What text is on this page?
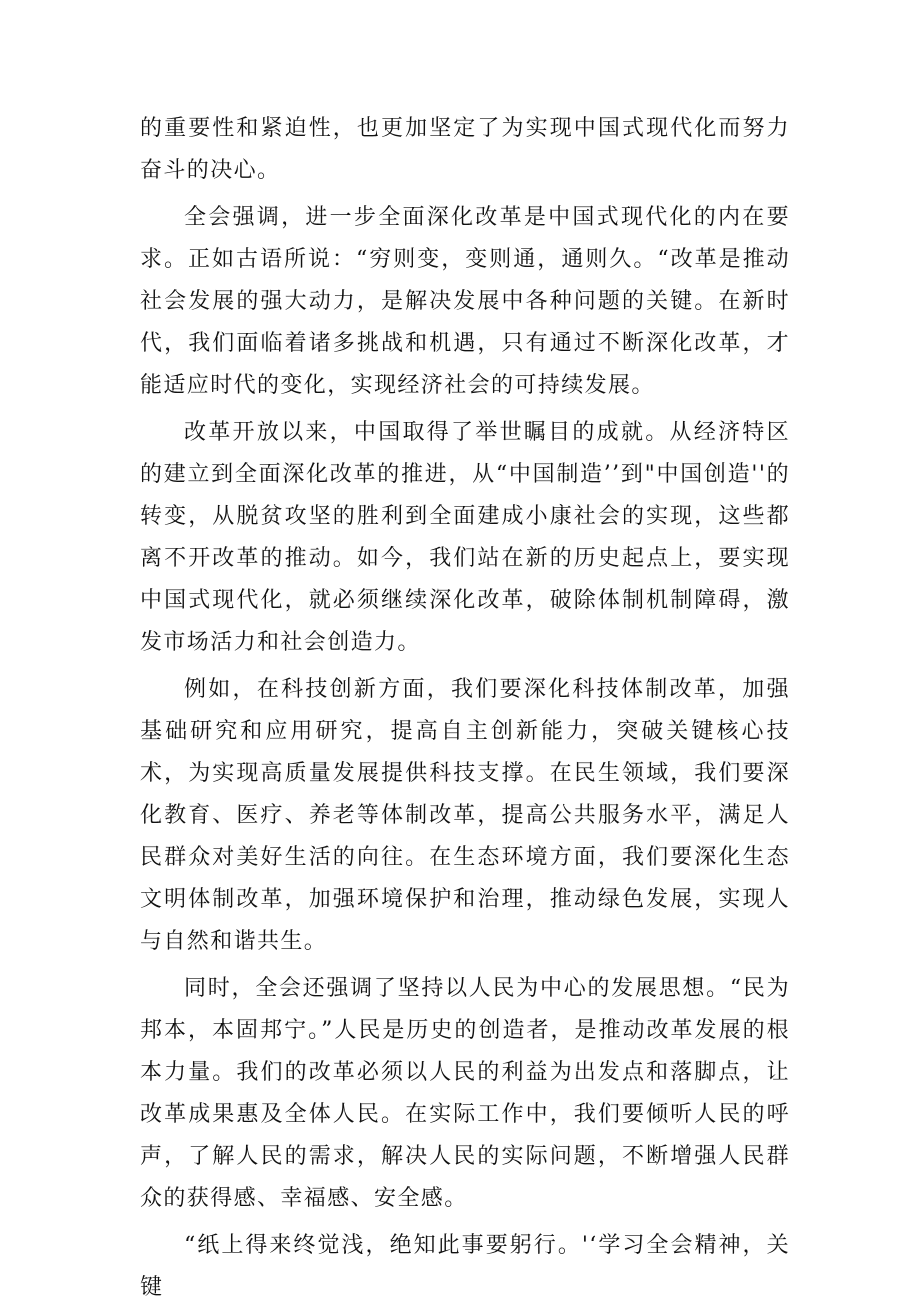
的重要性和紧迫性，也更加坚定了为实现中国式现代化而努力奋斗的决心。

全会强调，进一步全面深化改革是中国式现代化的内在要求。正如古语所说：“穷则变，变则通，通则久。“改革是推动社会发展的强大动力，是解决发展中各种问题的关键。在新时代，我们面临着诸多挑战和机遇，只有通过不断深化改革，才能适应时代的变化，实现经济社会的可持续发展。

改革开放以来，中国取得了举世瞩目的成就。从经济特区的建立到全面深化改革的推进，从“中国制造’’到"中国创造''的转变，从脱贫攻坚的胜利到全面建成小康社会的实现，这些都离不开改革的推动。如今，我们站在新的历史起点上，要实现中国式现代化，就必须继续深化改革，破除体制机制障碍，激发市场活力和社会创造力。

例如，在科技创新方面，我们要深化科技体制改革，加强基础研究和应用研究，提高自主创新能力，突破关键核心技术，为实现高质量发展提供科技支撑。在民生领域，我们要深化教育、医疗、养老等体制改革，提高公共服务水平，满足人民群众对美好生活的向往。在生态环境方面，我们要深化生态文明体制改革，加强环境保护和治理，推动绿色发展，实现人与自然和谐共生。

同时，全会还强调了坚持以人民为中心的发展思想。“民为邦本，本固邦宁。”人民是历史的创造者，是推动改革发展的根本力量。我们的改革必须以人民的利益为出发点和落脚点，让改革成果惠及全体人民。在实际工作中，我们要倾听人民的呼声，了解人民的需求，解决人民的实际问题，不断增强人民群众的获得感、幸福感、安全感。

“纸上得来终觉浅，绝知此事要躬行。'‘学习全会精神，关键
